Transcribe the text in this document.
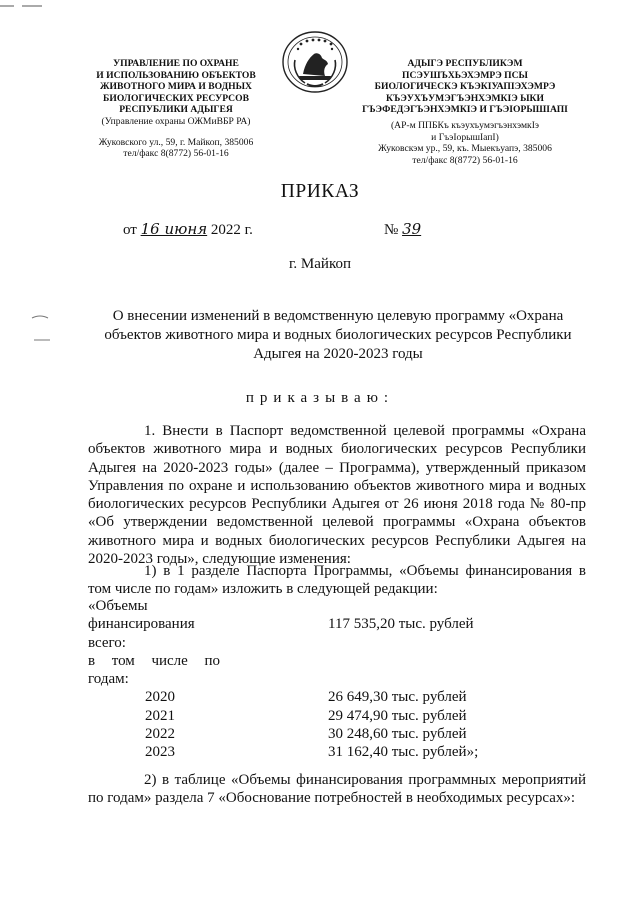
УПРАВЛЕНИЕ ПО ОХРАНЕ
И ИСПОЛЬЗОВАНИЮ ОБЪЕКТОВ
ЖИВОТНОГО МИРА И ВОДНЫХ
БИОЛОГИЧЕСКИХ РЕСУРСОВ
РЕСПУБЛИКИ АДЫГЕЯ
(Управление охраны ОЖМиВБР РА)
Жуковского ул., 59, г. Майкоп, 385006
тел/факс 8(8772) 56-01-16
АДЫГЭ РЕСПУБЛИКЭМ
ПСЭУШЪХЬЭХЭМРЭ ПСЫ
БИОЛОГИЧЕСКЭ КЪЭКIУАПIЭХЭМРЭ
КЪЭУХЪУМЭГЪЭНХЭМКIЭ ЫКИ
ГЪЭФЕДЭГЪЭНХЭМКIЭ И ГЪЭIОРЫШIАПI
(АР-м ППБКъ къэухъумэгъэнхэмкIэ
и ГъэIорышIапI)
Жуковскэм ур., 59, къ. Мыекъуапэ, 385006
тел/факс 8(8772) 56-01-16
ПРИКАЗ
от 16 июня 2022 г.	№ 39
г. Майкоп
О внесении изменений в ведомственную целевую программу «Охрана объектов животного мира и водных биологических ресурсов Республики Адыгея на 2020-2023 годы
приказываю:
1. Внести в Паспорт ведомственной целевой программы «Охрана объектов животного мира и водных биологических ресурсов Республики Адыгея на 2020-2023 годы» (далее – Программа), утвержденный приказом Управления по охране и использованию объектов животного мира и водных биологических ресурсов Республики Адыгея от 26 июня 2018 года № 80-пр «Об утверждении ведомственной целевой программы «Охрана объектов животного мира и водных биологических ресурсов Республики Адыгея на 2020-2023 годы», следующие изменения:
1) в 1 разделе Паспорта Программы, «Объемы финансирования в том числе по годам» изложить в следующей редакции:
«Объемы
финансирования	117 535,20 тыс. рублей
всего:
в том числе по
годам:
2020	26 649,30 тыс. рублей
2021	29 474,90 тыс. рублей
2022	30 248,60 тыс. рублей
2023	31 162,40 тыс. рублей»;
2) в таблице «Объемы финансирования программных мероприятий по годам» раздела 7 «Обоснование потребностей в необходимых ресурсах»:
